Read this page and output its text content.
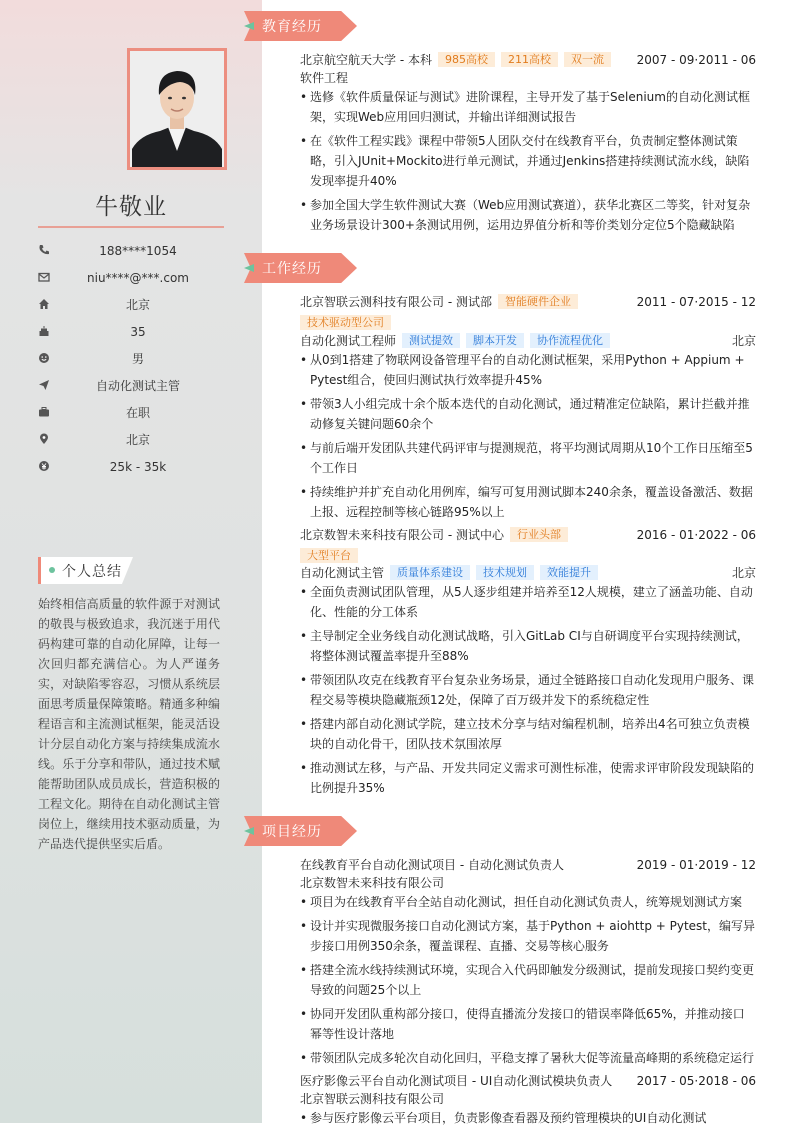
牛敬业
188****1054
niu****@***.com
北京
35
男
自动化测试主管
在职
北京
25k - 35k
个人总结
始终相信高质量的软件源于对测试的敬畏与极致追求，我沉迷于用代码构建可靠的自动化屏障，让每一次回归都充满信心。为人严谨务实，对缺陷零容忍，习惯从系统层面思考质量保障策略。精通多种编程语言和主流测试框架，能灵活设计分层自动化方案与持续集成流水线。乐于分享和带队，通过技术赋能帮助团队成员成长，营造积极的工程文化。期待在自动化测试主管岗位上，继续用技术驱动质量，为产品迭代提供坚实后盾。
教育经历
北京航空航天大学 - 本科 985高校 211高校 双一流	2007 - 09·2011 - 06
软件工程
• 选修《软件质量保证与测试》进阶课程，主导开发了基于Selenium的自动化测试框架，实现Web应用回归测试，并输出详细测试报告
• 在《软件工程实践》课程中带领5人团队交付在线教育平台，负责制定整体测试策略，引入JUnit+Mockito进行单元测试，并通过Jenkins搭建持续测试流水线，缺陷发现率提升40%
• 参加全国大学生软件测试大赛（Web应用测试赛道），获华北赛区二等奖，针对复杂业务场景设计300+条测试用例，运用边界值分析和等价类划分定位5个隐藏缺陷
工作经历
北京智联云测科技有限公司 - 测试部 智能硬件企业	2011 - 07·2015 - 12
技术驱动型公司
自动化测试工程师 测试提效 脚本开发 协作流程优化	北京
• 从0到1搭建了物联网设备管理平台的自动化测试框架，采用Python + Appium + Pytest组合，使回归测试执行效率提升45%
• 带领3人小组完成十余个版本迭代的自动化测试，通过精准定位缺陷，累计拦截并推动修复关键问题60余个
• 与前后端开发团队共建代码评审与提测规范，将平均测试周期从10个工作日压缩至5个工作日
• 持续维护并扩充自动化用例库，编写可复用测试脚本240余条，覆盖设备激活、数据上报、远程控制等核心链路95%以上
北京数智未来科技有限公司 - 测试中心 行业头部	2016 - 01·2022 - 06
大型平台
自动化测试主管 质量体系建设 技术规划 效能提升	北京
• 全面负责测试团队管理，从5人逐步组建并培养至12人规模，建立了涵盖功能、自动化、性能的分工体系
• 主导制定全业务线自动化测试战略，引入GitLab CI与自研调度平台实现持续测试，将整体测试覆盖率提升至88%
• 带领团队攻克在线教育平台复杂业务场景，通过全链路接口自动化发现用户服务、课程交易等模块隐藏瓶颈12处，保障了百万级并发下的系统稳定性
• 搭建内部自动化测试学院，建立技术分享与结对编程机制，培养出4名可独立负责模块的自动化骨干，团队技术氛围浓厚
• 推动测试左移，与产品、开发共同定义需求可测性标准，使需求评审阶段发现缺陷的比例提升35%
项目经历
在线教育平台自动化测试项目 - 自动化测试负责人	2019 - 01·2019 - 12
北京数智未来科技有限公司
• 项目为在线教育平台全站自动化测试，担任自动化测试负责人，统筹规划测试方案
• 设计并实现微服务接口自动化测试方案，基于Python + aiohttp + Pytest，编写异步接口用例350余条，覆盖课程、直播、交易等核心服务
• 搭建全流水线持续测试环境，实现合入代码即触发分级测试，提前发现接口契约变更导致的问题25个以上
• 协同开发团队重构部分接口，使得直播流分发接口的错误率降低65%，并推动接口幂等性设计落地
• 带领团队完成多轮次自动化回归，平稳支撑了暑秋大促等流量高峰期的系统稳定运行
医疗影像云平台自动化测试项目 - UI自动化测试模块负责人 2017 - 05·2018 - 06
北京智联云测科技有限公司
• 参与医疗影像云平台项目，负责影像查看器及预约管理模块的UI自动化测试
